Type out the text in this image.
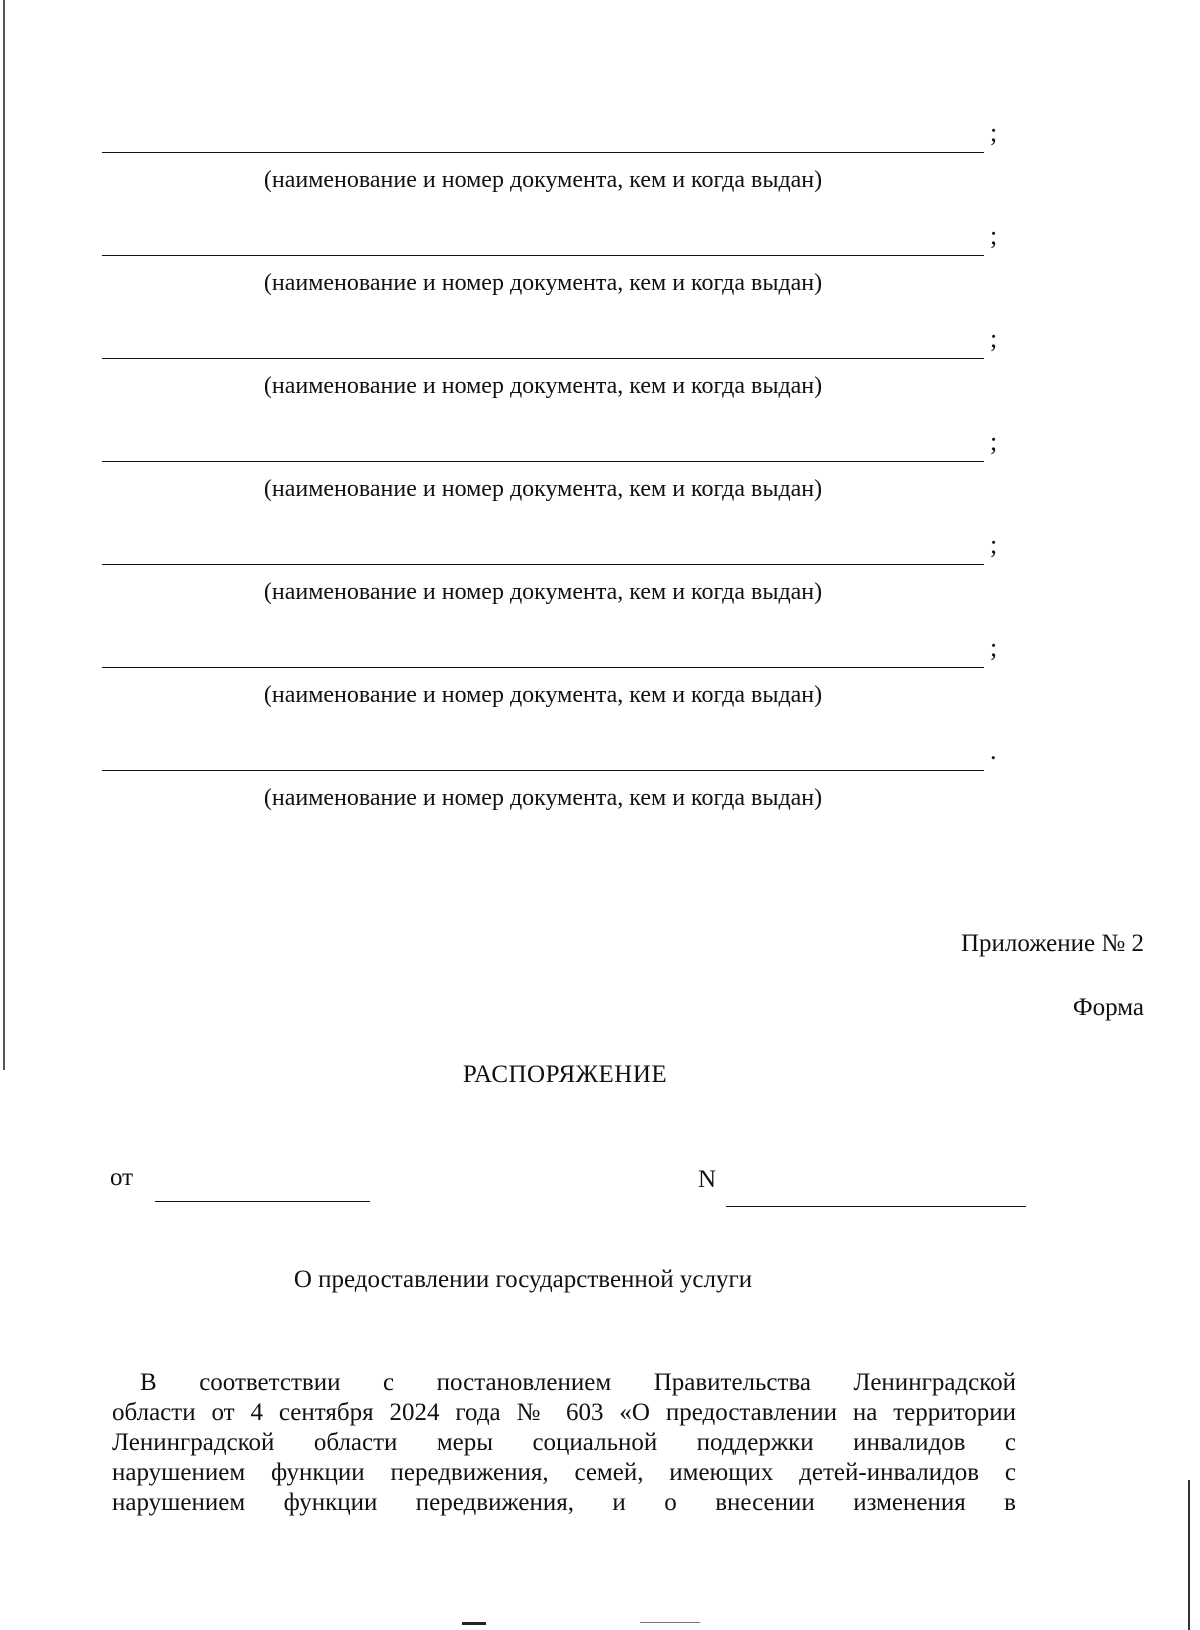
;
(наименование и номер документа, кем и когда выдан)
;
(наименование и номер документа, кем и когда выдан)
;
(наименование и номер документа, кем и когда выдан)
;
(наименование и номер документа, кем и когда выдан)
;
(наименование и номер документа, кем и когда выдан)
;
(наименование и номер документа, кем и когда выдан)
.
(наименование и номер документа, кем и когда выдан)
Приложение № 2
Форма
РАСПОРЯЖЕНИЕ
от	N
О предоставлении государственной услуги
В соответствии с постановлением Правительства Ленинградской
области от 4 сентября 2024 года № 603 «О предоставлении на территории
Ленинградской области меры социальной поддержки инвалидов с
нарушением функции передвижения, семей, имеющих детей-инвалидов с
нарушением функции передвижения, и о внесении изменения в
